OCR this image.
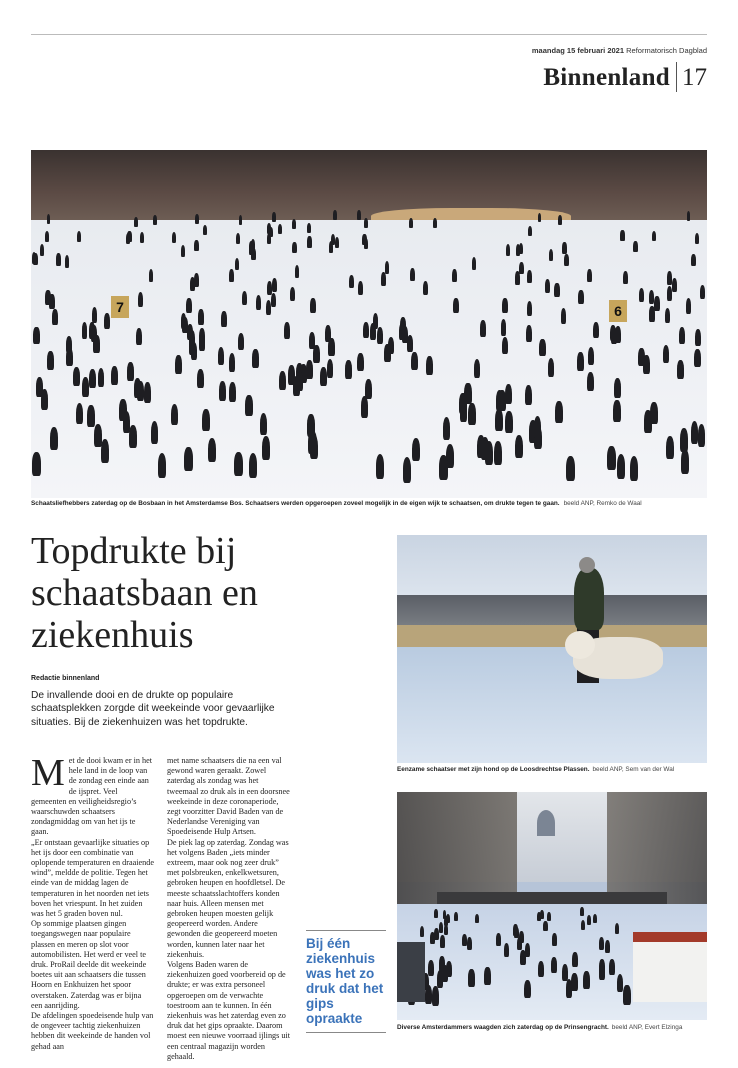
maandag 15 februari 2021 Reformatorisch Dagblad
Binnenland 17
7	6
Schaatsliefhebbers zaterdag op de Bosbaan in het Amsterdamse Bos. Schaatsers werden opgeroepen zoveel mogelijk in de eigen wijk te schaatsen, om drukte tegen te gaan. beeld ANP, Remko de Waal
Topdrukte bij schaatsbaan en ziekenhuis
Redactie binnenland
De invallende dooi en de drukte op populaire schaatsplekken zorgde dit weekeinde voor gevaarlijke situaties. Bij de ziekenhuizen was het topdrukte.
M et de dooi kwam er in het hele land in de loop van de zondag een einde aan de ijspret. Veel gemeenten en veiligheidsregio’s waarschuwden schaatsers zondagmiddag om van het ijs te gaan.

„Er ontstaan gevaarlijke situaties op het ijs door een combinatie van oplopende temperaturen en draaiende wind”, meldde de politie. Tegen het einde van de middag lagen de temperaturen in het noorden net iets boven het vriespunt. In het zuiden was het 5 graden boven nul.

Op sommige plaatsen gingen toegangswegen naar populaire plassen en meren op slot voor automobilisten. Het werd er veel te druk. ProRail deelde dit weekeinde boetes uit aan schaatsers die tussen Hoorn en Enkhuizen het spoor overstaken. Zaterdag was er bijna een aanrijding.

De afdelingen spoedeisende hulp van de ongeveer tachtig ziekenhuizen hebben dit weekeinde de handen vol gehad aan

met name schaatsers die na een val gewond waren geraakt. Zowel zaterdag als zondag was het tweemaal zo druk als in een doorsnee weekeinde in deze coronaperiode, zegt voorzitter David Baden van de Nederlandse Vereniging van Spoedeisende Hulp Artsen.

De piek lag op zaterdag. Zondag was het volgens Baden „iets minder extreem, maar ook nog zeer druk” met polsbreuken, enkelkwetsuren, gebroken heupen en hoofdletsel. De meeste schaatsslachtoffers konden naar huis. Alleen mensen met gebroken heupen moesten gelijk geopereerd worden. Andere gewonden die geopereerd moeten worden, kunnen later naar het ziekenhuis.

Volgens Baden waren de ziekenhuizen goed voorbereid op de drukte; er was extra personeel opgeroepen om de verwachte toestroom aan te kunnen. In één ziekenhuis was het zaterdag even zo druk dat het gips opraakte. Daarom moest een nieuwe voorraad ijlings uit een centraal magazijn worden gehaald.

Bij één ziekenhuis was het zo druk dat het gips opraakte
Eenzame schaatser met zijn hond op de Loosdrechtse Plassen. beeld ANP, Sem van der Wal
Diverse Amsterdammers waagden zich zaterdag op de Prinsengracht. beeld ANP, Evert Elzinga
